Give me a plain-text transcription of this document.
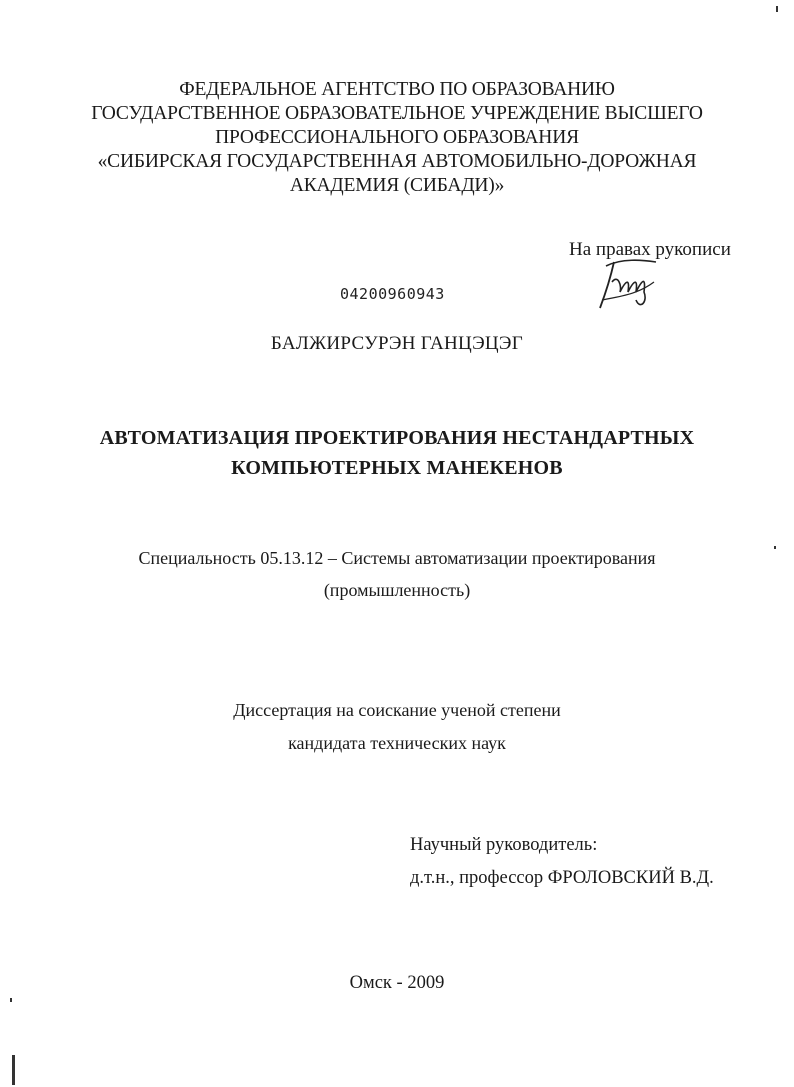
ФЕДЕРАЛЬНОЕ АГЕНТСТВО ПО ОБРАЗОВАНИЮ
ГОСУДАРСТВЕННОЕ ОБРАЗОВАТЕЛЬНОЕ УЧРЕЖДЕНИЕ ВЫСШЕГО
ПРОФЕССИОНАЛЬНОГО ОБРАЗОВАНИЯ
«СИБИРСКАЯ ГОСУДАРСТВЕННАЯ АВТОМОБИЛЬНО-ДОРОЖНАЯ
АКАДЕМИЯ (СИБАДИ)»
На правах рукописи
04200960943
БАЛЖИРСУРЭН ГАНЦЭЦЭГ
АВТОМАТИЗАЦИЯ ПРОЕКТИРОВАНИЯ НЕСТАНДАРТНЫХ
КОМПЬЮТЕРНЫХ МАНЕКЕНОВ
Специальность 05.13.12 – Системы автоматизации проектирования
(промышленность)
Диссертация на соискание ученой степени
кандидата технических наук
Научный руководитель:
д.т.н., профессор ФРОЛОВСКИЙ В.Д.
Омск - 2009
